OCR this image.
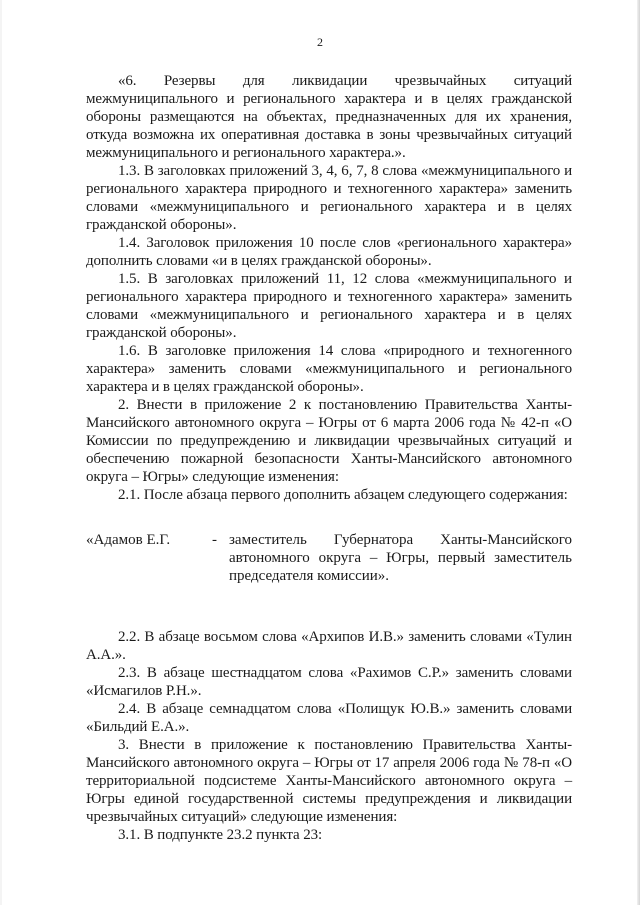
2

«6. Резервы для ликвидации чрезвычайных ситуаций межмуниципального и регионального характера и в целях гражданской обороны размещаются на объектах, предназначенных для их хранения, откуда возможна их оперативная доставка в зоны чрезвычайных ситуаций межмуниципального и регионального характера.».

1.3. В заголовках приложений 3, 4, 6, 7, 8 слова «межмуниципального и регионального характера природного и техногенного характера» заменить словами «межмуниципального и регионального характера и в целях гражданской обороны».

1.4. Заголовок приложения 10 после слов «регионального характера» дополнить словами «и в целях гражданской обороны».

1.5. В заголовках приложений 11, 12 слова «межмуниципального и регионального характера природного и техногенного характера» заменить словами «межмуниципального и регионального характера и в целях гражданской обороны».

1.6. В заголовке приложения 14 слова «природного и техногенного характера» заменить словами «межмуниципального и регионального характера и в целях гражданской обороны».

2. Внести в приложение 2 к постановлению Правительства Ханты-Мансийского автономного округа – Югры от 6 марта 2006 года № 42-п «О Комиссии по предупреждению и ликвидации чрезвычайных ситуаций и обеспечению пожарной безопасности Ханты-Мансийского автономного округа – Югры» следующие изменения:

2.1. После абзаца первого дополнить абзацем следующего содержания:

«Адамов Е.Г.	- заместитель Губернатора Ханты-Мансийского автономного округа – Югры, первый заместитель председателя комиссии».

2.2. В абзаце восьмом слова «Архипов И.В.» заменить словами «Тулин А.А.».

2.3. В абзаце шестнадцатом слова «Рахимов С.Р.» заменить словами «Исмагилов Р.Н.».

2.4. В абзаце семнадцатом слова «Полищук Ю.В.» заменить словами «Бильдий Е.А.».

3. Внести в приложение к постановлению Правительства Ханты-Мансийского автономного округа – Югры от 17 апреля 2006 года № 78-п «О территориальной подсистеме Ханты-Мансийского автономного округа – Югры единой государственной системы предупреждения и ликвидации чрезвычайных ситуаций» следующие изменения:

3.1. В подпункте 23.2 пункта 23:
